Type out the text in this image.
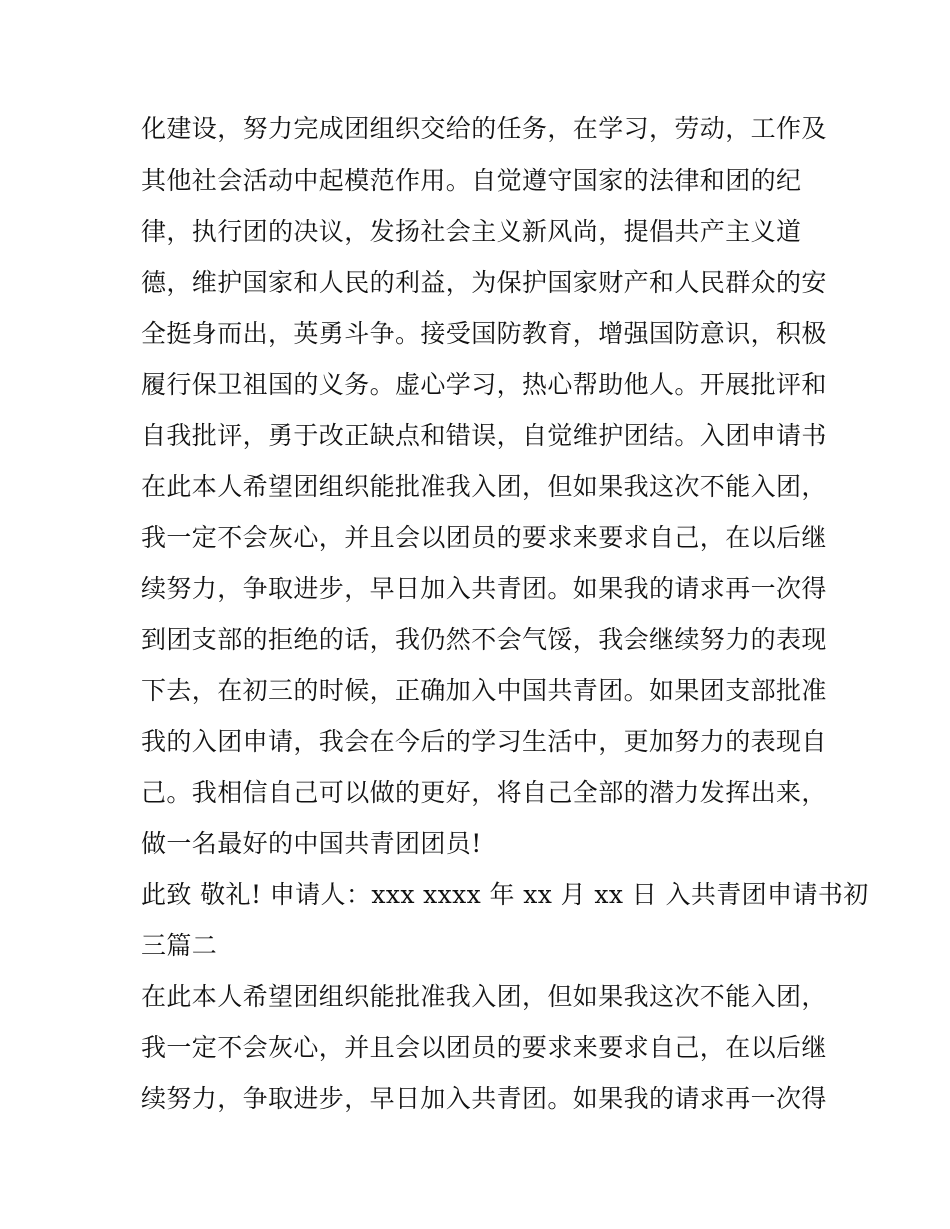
化建设，努力完成团组织交给的任务，在学习，劳动，工作及
其他社会活动中起模范作用。自觉遵守国家的法律和团的纪
律，执行团的决议，发扬社会主义新风尚，提倡共产主义道
德，维护国家和人民的利益，为保护国家财产和人民群众的安
全挺身而出，英勇斗争。接受国防教育，增强国防意识，积极
履行保卫祖国的义务。虚心学习，热心帮助他人。开展批评和
自我批评，勇于改正缺点和错误，自觉维护团结。入团申请书
在此本人希望团组织能批准我入团，但如果我这次不能入团，
我一定不会灰心，并且会以团员的要求来要求自己，在以后继
续努力，争取进步，早日加入共青团。如果我的请求再一次得
到团支部的拒绝的话，我仍然不会气馁，我会继续努力的表现
下去，在初三的时候，正确加入中国共青团。如果团支部批准
我的入团申请，我会在今后的学习生活中，更加努力的表现自
己。我相信自己可以做的更好，将自己全部的潜力发挥出来，
做一名最好的中国共青团团员!
此致 敬礼! 申请人：xxx xxxx 年 xx 月 xx 日 入共青团申请书初
三篇二
在此本人希望团组织能批准我入团，但如果我这次不能入团，
我一定不会灰心，并且会以团员的要求来要求自己，在以后继
续努力，争取进步，早日加入共青团。如果我的请求再一次得
